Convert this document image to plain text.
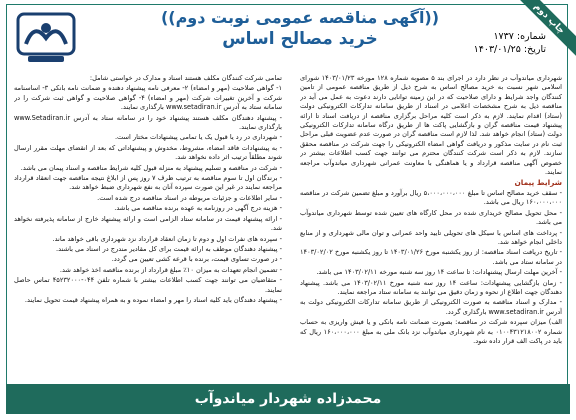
چاپ دوم
((آگهی مناقصه عمومی نوبت دوم))
خرید مصالح اساس	شماره: ۱۷۳۷
تاریخ: ۱۴۰۳/۰۱/۲۵

شهرداری میاندوآب در نظر دارد در اجرای بند ۵ مصوبه شماره ۱۲۸ مورخه ۱۴۰۳/۰۱/۲۳ شورای اسلامی شهر نسبت به خرید مصالح اساس به شرح ذیل از طریق مناقصه عمومی از تامین کنندگان واجد شرایط و دارای صلاحیت که در این زمینه توانایی دارند دعوت به عمل می آید در مناقصه ذیل به شرح مشخصات اعلامی در اسناد از طریق سامانه تدارکات الکترونیکی دولت (ستاد) اقدام نمایند. لازم به ذکر است کلیه مراحل برگزاری مناقصه از دریافت اسناد تا ارائه پیشنهاد قیمت مناقصه گران و بازگشایی پاکت ها از طریق درگاه سامانه تدارکات الکترونیکی دولت (ستاد) انجام خواهد شد. لذا لازم است مناقصه گران در صورت عدم عضویت قبلی مراحل ثبت نام در سایت مذکور و دریافت گواهی امضاء الکترونیکی را جهت شرکت در مناقصه محقق سازند. لازم به ذکر است شرکت کنندگان محترم می توانند جهت کسب اطلاعات بیشتر در خصوص آگهی مناقصه قرارداد و یا هماهنگی با معاونت عمرانی شهرداری میاندوآب مراجعه نمایند.

شرایط پیمان

- سقف خرید مصالح اساس تا مبلغ ۵،۰۰۰،۰۰۰،۰۰۰ ریال برآورد و مبلغ تضمین شرکت در مناقصه ۱۶۰،۰۰۰،۰۰۰ ریال می باشد.

- محل تحویل مصالح خریداری شده در محل کارگاه های تعیین شده توسط شهرداری میاندوآب می باشد.

- پرداخت های اساس با سیکل های تحویلی تایید واحد عمرانی و توان مالی شهرداری و از منابع داخلی انجام خواهد شد.

- تاریخ دریافت اسناد مناقصه: از روز یکشنبه مورخ ۱۴۰۳/۰۱/۲۶ تا روز یکشنبه مورخ ۱۴۰۳/۰۲/۰۲ در سامانه ستاد می باشد.

- آخرین مهلت ارسال پیشنهادات: تا ساعت ۱۴ روز سه شنبه مورخه ۱۴۰۳/۰۲/۱۱ می باشد.

- زمان بازگشایی پیشنهادات: ساعت ۱۴ روز سه شنبه مورخ ۱۴۰۳/۰۲/۱۱ می باشد. پیشنهاد دهندگان جهت اطلاع از نحوه و زمان دقیق می توانند به سامانه ستاد مراجعه نمایند.

- مدارک و اسناد مناقصه به صورت الکترونیکی از طریق سامانه تدارکات الکترونیکی دولت به آدرس www.setadiran.ir بارگذاری گردد.

الف) میزان سپرده شرکت در مناقصه: بصورت ضمانت نامه بانکی و یا فیش واریزی به حساب شماره ۰۱۰۰۴۳۱۲۱۸۰۰۲ به نام شهرداری میاندوآب نزد بانک ملی به مبلغ ۱۶۰،۰۰۰،۰۰۰ ریال که باید در پاکت الف قرار داده شود.

تمامی شرکت کنندگان مکلف هستند اسناد و مدارک در خواستی شامل:

۱- گواهی صلاحیت (مهر و امضاء) ۲- معرفی نامه پیشنهاد دهنده و ضمانت نامه بانکی ۳- اساسنامه شرکت و آخرین تغییرات شرکت (مهر و امضاء) ۴- گواهی صلاحیت و گواهی ثبت شرکت را در سامانه ستاد به آدرس www.setadiran.ir بارگذاری نمایند.

- پیشنهاد دهندگان مکلف هستند پیشنهاد خود را در سامانه ستاد به آدرس www.Setadiran.ir بارگذاری نمایند.

- شهرداری در رد یا قبول یک یا تمامی پیشنهادات مختار است.

- به پیشنهادات فاقد امضاء، مشروط، مخدوش و پیشنهاداتی که بعد از انقضای مهلت مقرر ارسال شوند مطلقاً ترتیب اثر داده نخواهد شد.

- شرکت در مناقصه و تسلیم پیشنهاد به منزله قبول کلیه شرایط مناقصه و اسناد پیمان می باشد.

- برندگان اول تا سوم مناقصه به ترتیب ظرف ۷ روز پس از ابلاغ نتیجه مناقصه جهت انعقاد قرارداد مراجعه نمایند در غیر این صورت سپرده آنان به نفع شهرداری ضبط خواهد شد.

- سایر اطلاعات و جزئیات مربوطه در اسناد مناقصه درج شده است.

- هزینه درج آگهی در روزنامه به عهده برنده مناقصه می باشد.

- ارائه پیشنهاد قیمت در سامانه ستاد الزامی است و ارائه پیشنهاد خارج از سامانه پذیرفته نخواهد شد.

- سپرده های نفرات اول و دوم تا زمان انعقاد قرارداد نزد شهرداری باقی خواهد ماند.

- پیشنهاد دهندگان موظف به ارائه قیمت برای کل مقادیر مندرج در اسناد می باشند.

- در صورت تساوی قیمت، برنده با قرعه کشی تعیین می گردد.

- تضمین انجام تعهدات به میزان ۱۰٪ مبلغ قرارداد از برنده مناقصه اخذ خواهد شد.

- متقاضیان می توانند جهت کسب اطلاعات بیشتر با شماره تلفن ۰۴۴-۴۵۲۳۲۰۰۰ تماس حاصل نمایند.

- پیشنهاد دهندگان باید کلیه اسناد را مهر و امضاء نموده و به همراه پیشنهاد قیمت تحویل نمایند.

محمدزاده شهردار میاندوآب
